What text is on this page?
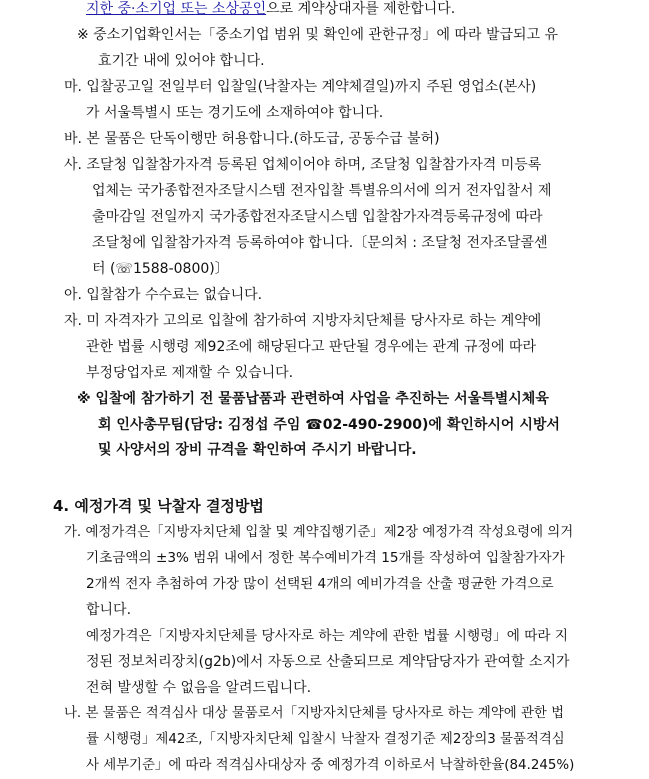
지한 중·소기업 또는 소상공인으로 계약상대자를 제한합니다.
※ 중소기업확인서는「중소기업 범위 및 확인에 관한규정」에 따라 발급되고 유
효기간 내에 있어야 합니다.
마. 입찰공고일 전일부터 입찰일(낙찰자는 계약체결일)까지 주된 영업소(본사)
가 서울특별시 또는 경기도에 소재하여야 합니다.
바. 본 물품은 단독이행만 허용합니다.(하도급, 공동수급 불허)
사. 조달청 입찰참가자격 등록된 업체이어야 하며, 조달청 입찰참가자격 미등록
업체는 국가종합전자조달시스템 전자입찰 특별유의서에 의거 전자입찰서 제
출마감일 전일까지 국가종합전자조달시스템 입찰참가자격등록규정에 따라
조달청에 입찰참가자격 등록하여야 합니다.〔문의처 : 조달청 전자조달콜센
터 (☏1588-0800)〕
아. 입찰참가 수수료는 없습니다.
자. 미 자격자가 고의로 입찰에 참가하여 지방자치단체를 당사자로 하는 계약에
관한 법률 시행령 제92조에 해당된다고 판단될 경우에는 관계 규정에 따라
부정당업자로 제재할 수 있습니다.
※ 입찰에 참가하기 전 물품납품과 관련하여 사업을 추진하는 서울특별시체육
회 인사총무팀(담당: 김정섭 주임 ☎02-490-2900)에 확인하시어 시방서
및 사양서의 장비 규격을 확인하여 주시기 바랍니다.
4. 예정가격 및 낙찰자 결정방법
가. 예정가격은「지방자치단체 입찰 및 계약집행기준」제2장 예정가격 작성요령에 의거
기초금액의 ±3% 범위 내에서 정한 복수예비가격 15개를 작성하여 입찰참가자가
2개씩 전자 추첨하여 가장 많이 선택된 4개의 예비가격을 산출 평균한 가격으로
합니다.
예정가격은「지방자치단체를 당사자로 하는 계약에 관한 법률 시행령」에 따라 지
정된 정보처리장치(g2b)에서 자동으로 산출되므로 계약담당자가 관여할 소지가
전혀 발생할 수 없음을 알려드립니다.
나. 본 물품은 적격심사 대상 물품로서「지방자치단체를 당사자로 하는 계약에 관한 법
률 시행령」제42조,「지방자치단체 입찰시 낙찰자 결정기준 제2장의3 물품적격심
사 세부기준」에 따라 적격심사대상자 중 예정가격 이하로서 낙찰하한율(84.245%)
